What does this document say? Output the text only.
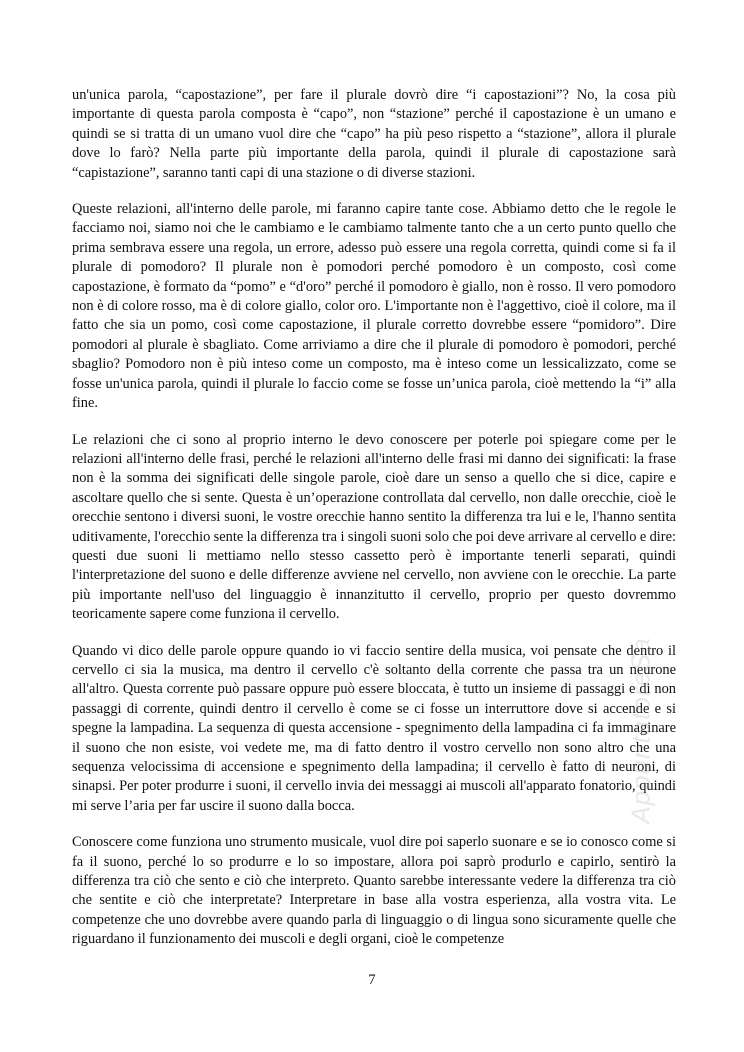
un'unica parola, “capostazione”, per fare il plurale dovrò dire “i capostazioni”? No, la cosa più importante di questa parola composta è “capo”, non “stazione” perché il capostazione è un umano e quindi se si tratta di un umano vuol dire che “capo” ha più peso rispetto a “stazione”, allora il plurale dove lo farò? Nella parte più importante della parola, quindi il plurale di capostazione sarà “capistazione”, saranno tanti capi di una stazione o di diverse stazioni.

Queste relazioni, all'interno delle parole, mi faranno capire tante cose. Abbiamo detto che le regole le facciamo noi, siamo noi che le cambiamo e le cambiamo talmente tanto che a un certo punto quello che prima sembrava essere una regola, un errore, adesso può essere una regola corretta, quindi come si fa il plurale di pomodoro? Il plurale non è pomodori perché pomodoro è un composto, così come capostazione, è formato da “pomo” e “d'oro” perché il pomodoro è giallo, non è rosso. Il vero pomodoro non è di colore rosso, ma è di colore giallo, color oro. L'importante non è l'aggettivo, cioè il colore, ma il fatto che sia un pomo, così come capostazione, il plurale corretto dovrebbe essere “pomidoro”. Dire pomodori al plurale è sbagliato. Come arriviamo a dire che il plurale di pomodoro è pomodori, perché sbaglio? Pomodoro non è più inteso come un composto, ma è inteso come un lessicalizzato, come se fosse un'unica parola, quindi il plurale lo faccio come se fosse un’unica parola, cioè mettendo la “i” alla fine.

Le relazioni che ci sono al proprio interno le devo conoscere per poterle poi spiegare come per le relazioni all'interno delle frasi, perché le relazioni all'interno delle frasi mi danno dei significati: la frase non è la somma dei significati delle singole parole, cioè dare un senso a quello che si dice, capire e ascoltare quello che si sente. Questa è un’operazione controllata dal cervello, non dalle orecchie, cioè le orecchie sentono i diversi suoni, le vostre orecchie hanno sentito la differenza tra lui e le, l'hanno sentita uditivamente, l'orecchio sente la differenza tra i singoli suoni solo che poi deve arrivare al cervello e dire: questi due suoni li mettiamo nello stesso cassetto però è importante tenerli separati, quindi l'interpretazione del suono e delle differenze avviene nel cervello, non avviene con le orecchie. La parte più importante nell'uso del linguaggio è innanzitutto il cervello, proprio per questo dovremmo teoricamente sapere come funziona il cervello.

Quando vi dico delle parole oppure quando io vi faccio sentire della musica, voi pensate che dentro il cervello ci sia la musica, ma dentro il cervello c'è soltanto della corrente che passa tra un neurone all'altro. Questa corrente può passare oppure può essere bloccata, è tutto un insieme di passaggi e di non passaggi di corrente, quindi dentro il cervello è come se ci fosse un interruttore dove si accende e si spegne la lampadina. La sequenza di questa accensione - spegnimento della lampadina ci fa immaginare il suono che non esiste, voi vedete me, ma di fatto dentro il vostro cervello non sono altro che una sequenza velocissima di accensione e spegnimento della lampadina; il cervello è fatto di neuroni, di sinapsi. Per poter produrre i suoni, il cervello invia dei messaggi ai muscoli all'apparato fonatorio, quindi mi serve l’aria per far uscire il suono dalla bocca.

Conoscere come funziona uno strumento musicale, vuol dire poi saperlo suonare e se io conosco come si fa il suono, perché lo so produrre e lo so impostare, allora poi saprò produrlo e capirlo, sentirò la differenza tra ciò che sento e ciò che interpreto. Quanto sarebbe interessante vedere la differenza tra ciò che sentite e ciò che interpretate? Interpretare in base alla vostra esperienza, alla vostra vita. Le competenze che uno dovrebbe avere quando parla di linguaggio o di lingua sono sicuramente quelle che riguardano il funzionamento dei muscoli e degli organi, cioè le competenze

AppuntatoreSa
7
